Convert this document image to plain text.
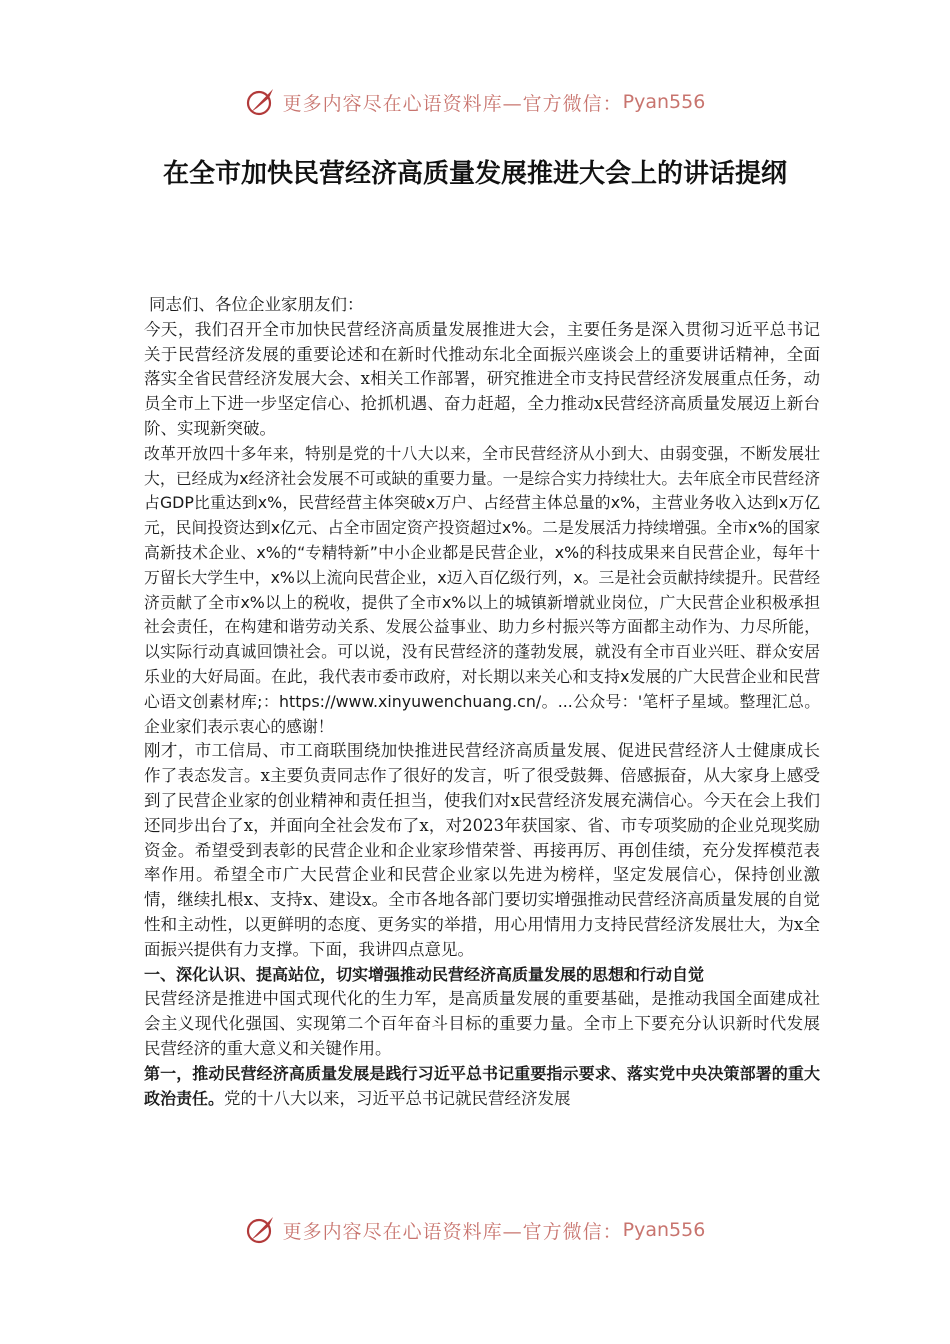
更多内容尽在心语资料库—官方微信： Pyan556
在全市加快民营经济高质量发展推进大会上的讲话提纲

同志们、各位企业家朋友们：

今天，我们召开全市加快民营经济高质量发展推进大会，主要任务是深入贯彻习近平总书记关于民营经济发展的重要论述和在新时代推动东北全面振兴座谈会上的重要讲话精神，全面落实全省民营经济发展大会、x相关工作部署，研究推进全市支持民营经济发展重点任务，动员全市上下进一步坚定信心、抢抓机遇、奋力赶超，全力推动x民营经济高质量发展迈上新台阶、实现新突破。

改革开放四十多年来，特别是党的十八大以来，全市民营经济从小到大、由弱变强，不断发展壮大，已经成为x经济社会发展不可或缺的重要力量。一是综合实力持续壮大。去年底全市民营经济占GDP比重达到x%，民营经营主体突破x万户、占经营主体总量的x%，主营业务收入达到x万亿元，民间投资达到x亿元、占全市固定资产投资超过x%。二是发展活力持续增强。全市x%的国家高新技术企业、x%的“专精特新”中小企业都是民营企业，x%的科技成果来自民营企业，每年十万留长大学生中，x%以上流向民营企业，x迈入百亿级行列，x。三是社会贡献持续提升。民营经济贡献了全市x%以上的税收，提供了全市x%以上的城镇新增就业岗位，广大民营企业积极承担社会责任，在构建和谐劳动关系、发展公益事业、助力乡村振兴等方面都主动作为、力尽所能，以实际行动真诚回馈社会。可以说，没有民营经济的蓬勃发展，就没有全市百业兴旺、群众安居乐业的大好局面。在此，我代表市委市政府，对长期以来关心和支持x发展的广大民营企业和民营心语文创素材库;：https://www.xinyuwenchuang.cn/。...公众号：'笔杆子星域。整理汇总。企业家们表示衷心的感谢！

刚才，市工信局、市工商联围绕加快推进民营经济高质量发展、促进民营经济人士健康成长作了表态发言。x主要负责同志作了很好的发言，听了很受鼓舞、倍感振奋，从大家身上感受到了民营企业家的创业精神和责任担当，使我们对x民营经济发展充满信心。今天在会上我们还同步出台了x，并面向全社会发布了x，对2023年获国家、省、市专项奖励的企业兑现奖励资金。希望受到表彰的民营企业和企业家珍惜荣誉、再接再厉、再创佳绩，充分发挥模范表率作用。希望全市广大民营企业和民营企业家以先进为榜样，坚定发展信心，保持创业激情，继续扎根x、支持x、建设x。全市各地各部门要切实增强推动民营经济高质量发展的自觉性和主动性，以更鲜明的态度、更务实的举措，用心用情用力支持民营经济发展壮大，为x全面振兴提供有力支撑。下面，我讲四点意见。

一、深化认识、提高站位，切实增强推动民营经济高质量发展的思想和行动自觉

民营经济是推进中国式现代化的生力军，是高质量发展的重要基础，是推动我国全面建成社会主义现代化强国、实现第二个百年奋斗目标的重要力量。全市上下要充分认识新时代发展民营经济的重大意义和关键作用。

第一，推动民营经济高质量发展是践行习近平总书记重要指示要求、落实党中央决策部署的重大政治责任。党的十八大以来，习近平总书记就民营经济发展

更多内容尽在心语资料库—官方微信： Pyan556
